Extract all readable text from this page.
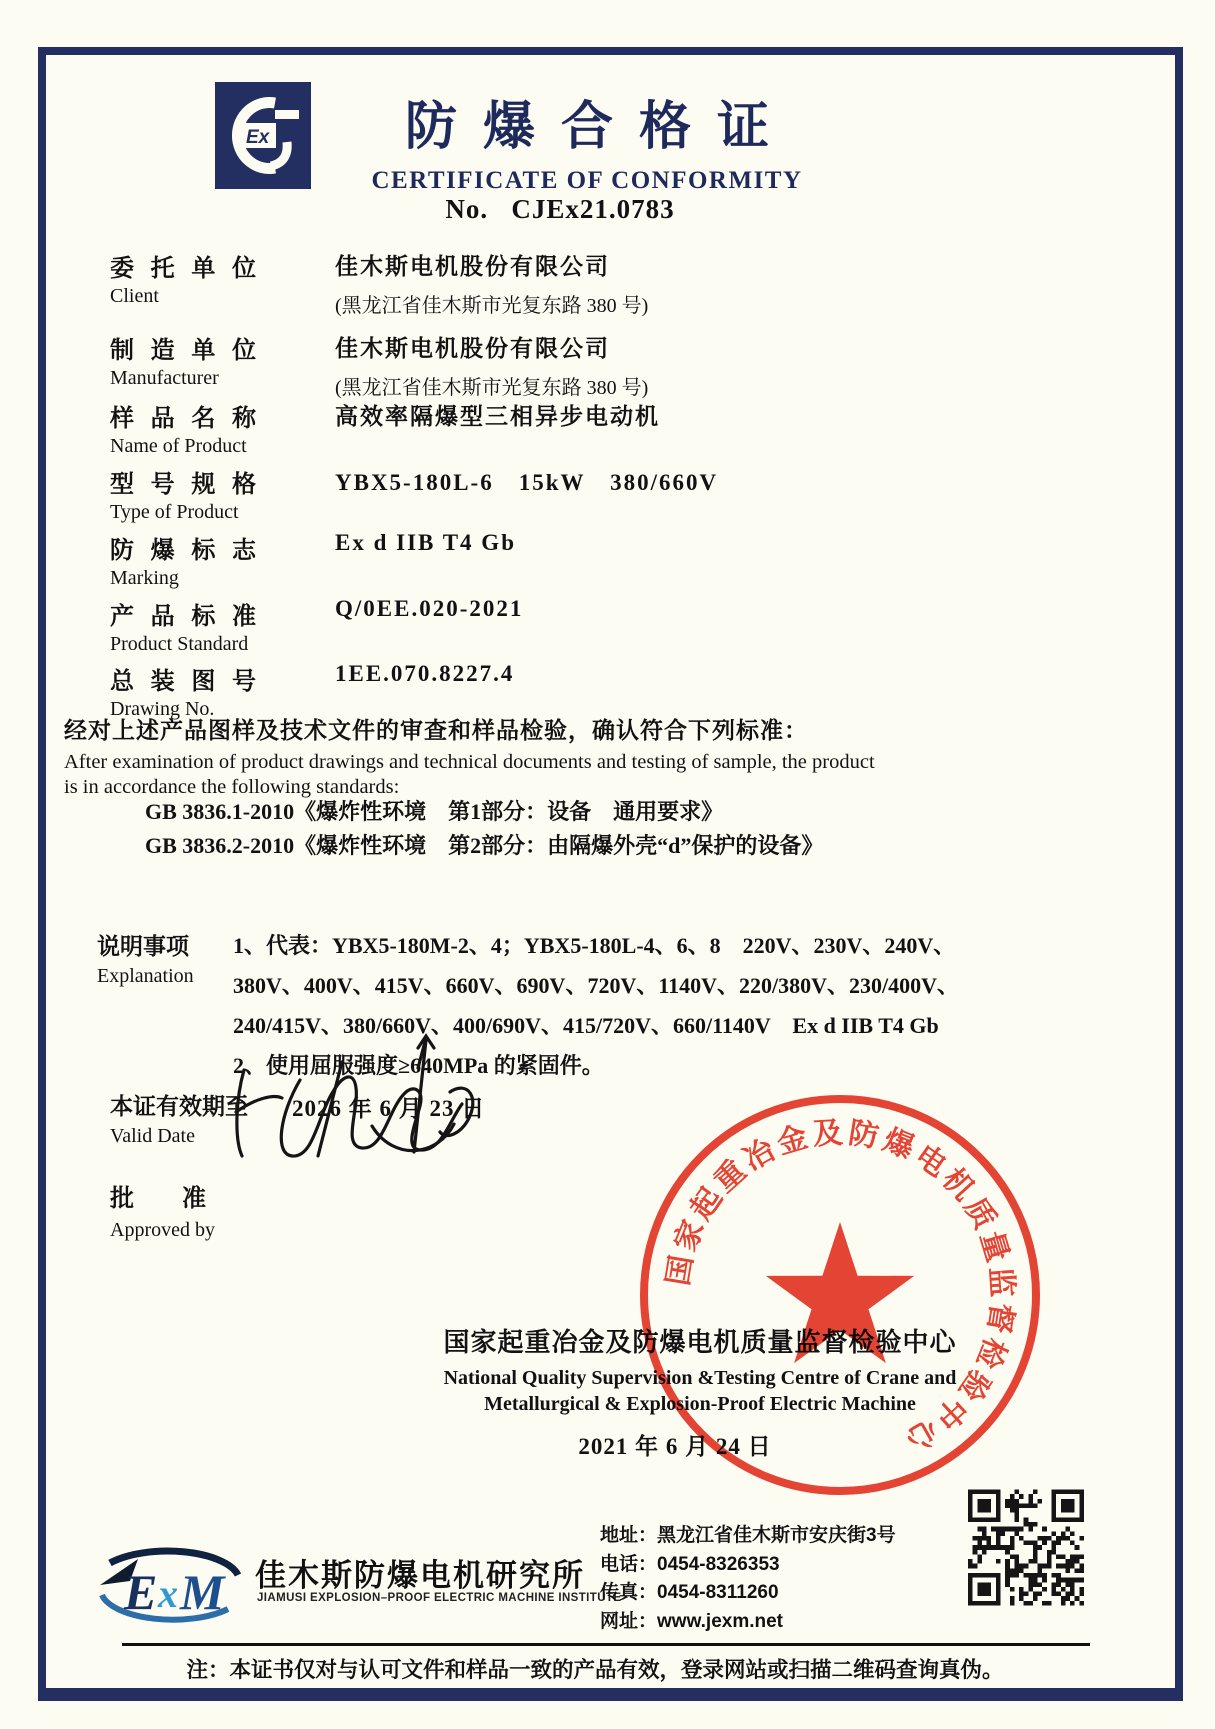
Ex	防爆合格证
CERTIFICATE OF CONFORMITY
No. CJEx21.0783
委 托 单 位
Client
佳木斯电机股份有限公司
(黑龙江省佳木斯市光复东路 380 号)
制 造 单 位
Manufacturer
佳木斯电机股份有限公司
(黑龙江省佳木斯市光复东路 380 号)
样 品 名 称
Name of Product
高效率隔爆型三相异步电动机
型 号 规 格
Type of Product
YBX5-180L-6　15kW　380/660V
防 爆 标 志
Marking
Ex d IIB T4 Gb
产 品 标 准
Product Standard
Q/0EE.020-2021
总 装 图 号
Drawing No.
1EE.070.8227.4
经对上述产品图样及技术文件的审查和样品检验，确认符合下列标准：
After examination of product drawings and technical documents and testing of sample, the product
is in accordance the following standards:
GB 3836.1-2010《爆炸性环境　第1部分：设备　通用要求》
GB 3836.2-2010《爆炸性环境　第2部分：由隔爆外壳“d”保护的设备》
说明事项
Explanation
1、代表：YBX5-180M-2、4；YBX5-180L-4、6、8　220V、230V、240V、
380V、400V、415V、660V、690V、720V、1140V、220/380V、230/400V、
240/415V、380/660V、400/690V、415/720V、660/1140V　Ex d IIB T4 Gb
2、使用屈服强度≥640MPa 的紧固件。
本证有效期至
Valid Date
2026 年 6 月 23 日
批　　准
Approved by
国家起重冶金及防爆电机质量监督检验中心
National Quality Supervision &Testing Centre of Crane and
Metallurgical & Explosion-Proof Electric Machine
2021 年 6 月 24 日
国家起重冶金及防爆电机质量监督检验中心
E x M 佳木斯防爆电机研究所
JIAMUSI EXPLOSION–PROOF ELECTRIC MACHINE INSTITUTE
地址：黑龙江省佳木斯市安庆街3号
电话：0454-8326353
传真：0454-8311260
网址：www.jexm.net
注：本证书仅对与认可文件和样品一致的产品有效，登录网站或扫描二维码查询真伪。
